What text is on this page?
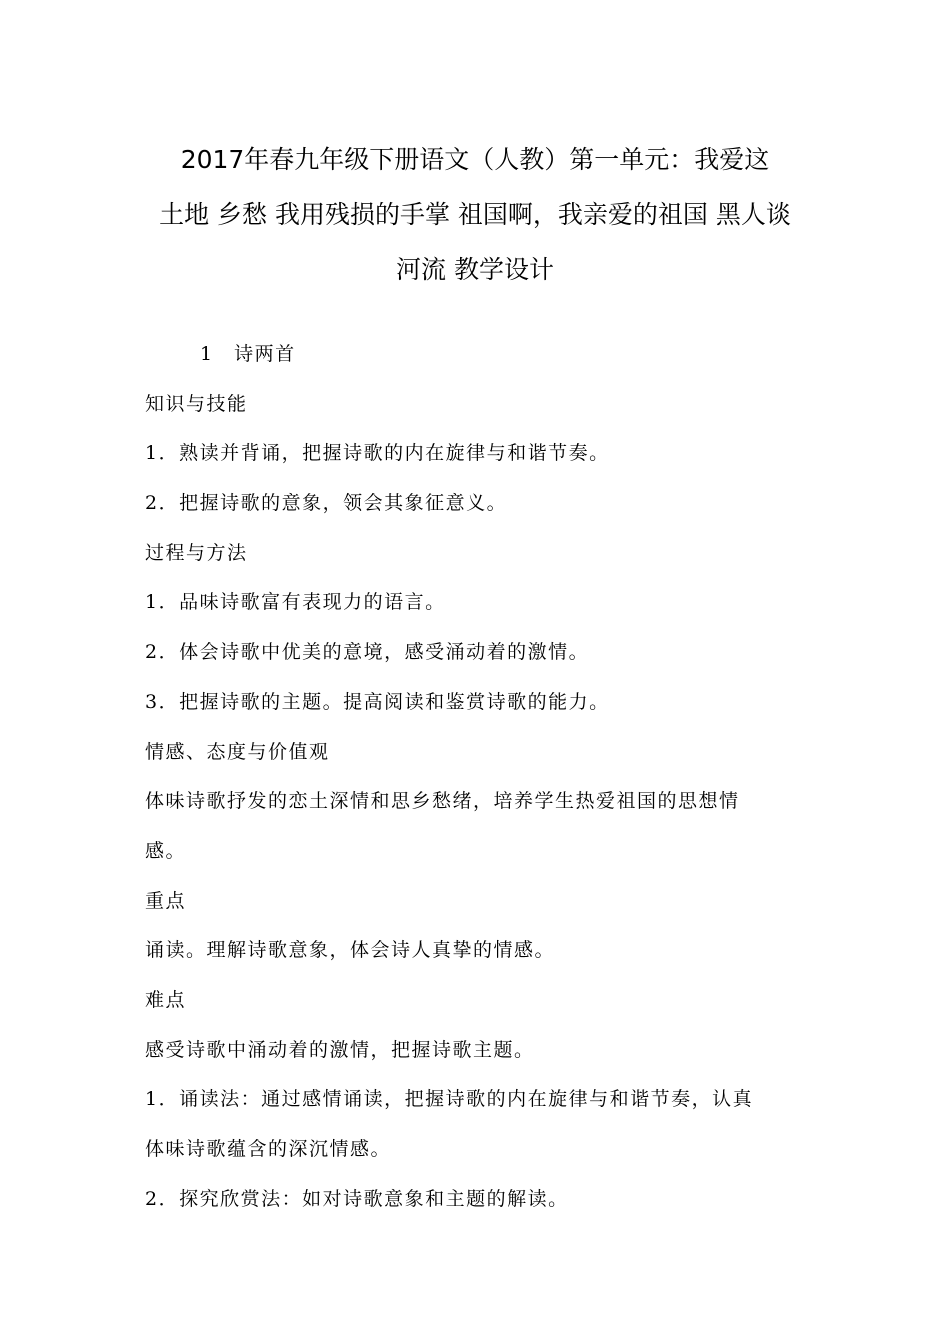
2017年春九年级下册语文（人教）第一单元：我爱这
土地 乡愁 我用残损的手掌 祖国啊，我亲爱的祖国 黑人谈
河流 教学设计
1　诗两首
知识与技能
1．熟读并背诵，把握诗歌的内在旋律与和谐节奏。
2．把握诗歌的意象，领会其象征意义。
过程与方法
1．品味诗歌富有表现力的语言。
2．体会诗歌中优美的意境，感受涌动着的激情。
3．把握诗歌的主题。提高阅读和鉴赏诗歌的能力。
情感、态度与价值观
体味诗歌抒发的恋土深情和思乡愁绪，培养学生热爱祖国的思想情
感。
重点
诵读。理解诗歌意象，体会诗人真挚的情感。
难点
感受诗歌中涌动着的激情，把握诗歌主题。
1．诵读法：通过感情诵读，把握诗歌的内在旋律与和谐节奏，认真
体味诗歌蕴含的深沉情感。
2．探究欣赏法：如对诗歌意象和主题的解读。
